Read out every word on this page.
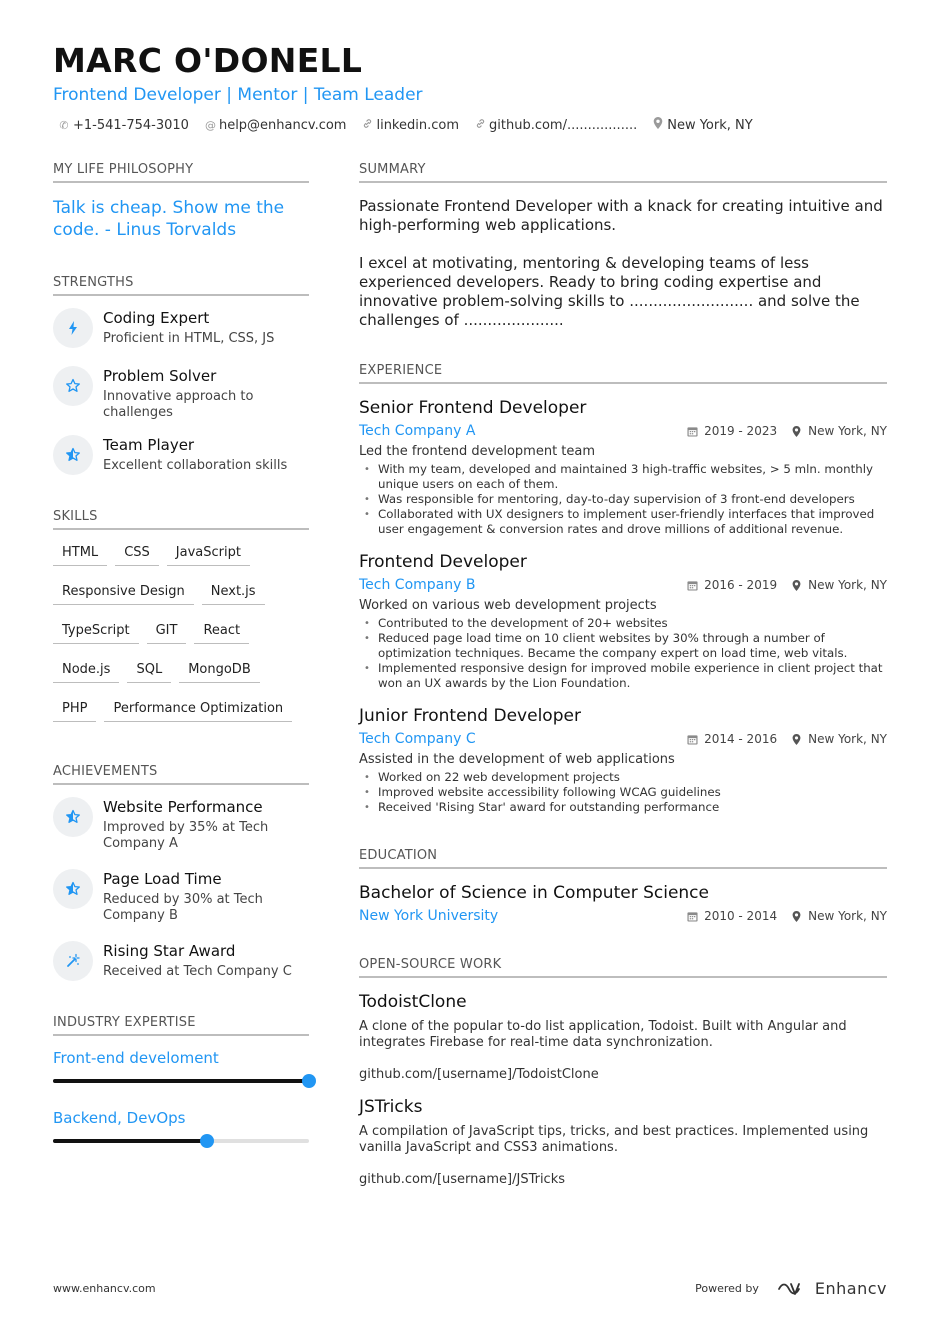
MARC O'DONELL
Frontend Developer | Mentor | Team Leader
✆ +1-541-754-3010 @ help@enhancv.com linkedin.com github.com/................. New York, NY
MY LIFE PHILOSOPHY
Talk is cheap. Show me the code. - Linus Torvalds
STRENGTHS
Coding Expert
Proficient in HTML, CSS, JS
Problem Solver
Innovative approach to challenges
Team Player
Excellent collaboration skills
SKILLS
HTML	CSS	JavaScript
Responsive Design	Next.js
TypeScript	GIT	React
Node.js	SQL	MongoDB
PHP	Performance Optimization
ACHIEVEMENTS
Website Performance
Improved by 35% at Tech Company A
Page Load Time
Reduced by 30% at Tech Company B
Rising Star Award
Received at Tech Company C
INDUSTRY EXPERTISE
Front-end develoment
Backend, DevOps
SUMMARY

Passionate Frontend Developer with a knack for creating intuitive and high-performing web applications.

I excel at motivating, mentoring & developing teams of less experienced developers. Ready to bring coding expertise and innovative problem-solving skills to .......................... and solve the challenges of .....................

EXPERIENCE
Senior Frontend Developer
Tech Company A	2019 - 2023	New York, NY
Led the frontend development team
• With my team, developed and maintained 3 high-traffic websites, > 5 mln. monthly unique users on each of them.
• Was responsible for mentoring, day-to-day supervision of 3 front-end developers
• Collaborated with UX designers to implement user-friendly interfaces that improved user engagement & conversion rates and drove millions of additional revenue.
Frontend Developer
Tech Company B	2016 - 2019	New York, NY
Worked on various web development projects
• Contributed to the development of 20+ websites
• Reduced page load time on 10 client websites by 30% through a number of optimization techniques. Became the company expert on load time, web vitals.
• Implemented responsive design for improved mobile experience in client project that won an UX awards by the Lion Foundation.
Junior Frontend Developer
Tech Company C	2014 - 2016	New York, NY
Assisted in the development of web applications
• Worked on 22 web development projects
• Improved website accessibility following WCAG guidelines
• Received 'Rising Star' award for outstanding performance
EDUCATION
Bachelor of Science in Computer Science
New York University	2010 - 2014	New York, NY
OPEN-SOURCE WORK
TodoistClone
A clone of the popular to-do list application, Todoist. Built with Angular and integrates Firebase for real-time data synchronization.
github.com/[username]/TodoistClone
JSTricks
A compilation of JavaScript tips, tricks, and best practices. Implemented using vanilla JavaScript and CSS3 animations.
github.com/[username]/JSTricks
www.enhancv.com	Powered by	Enhancv
